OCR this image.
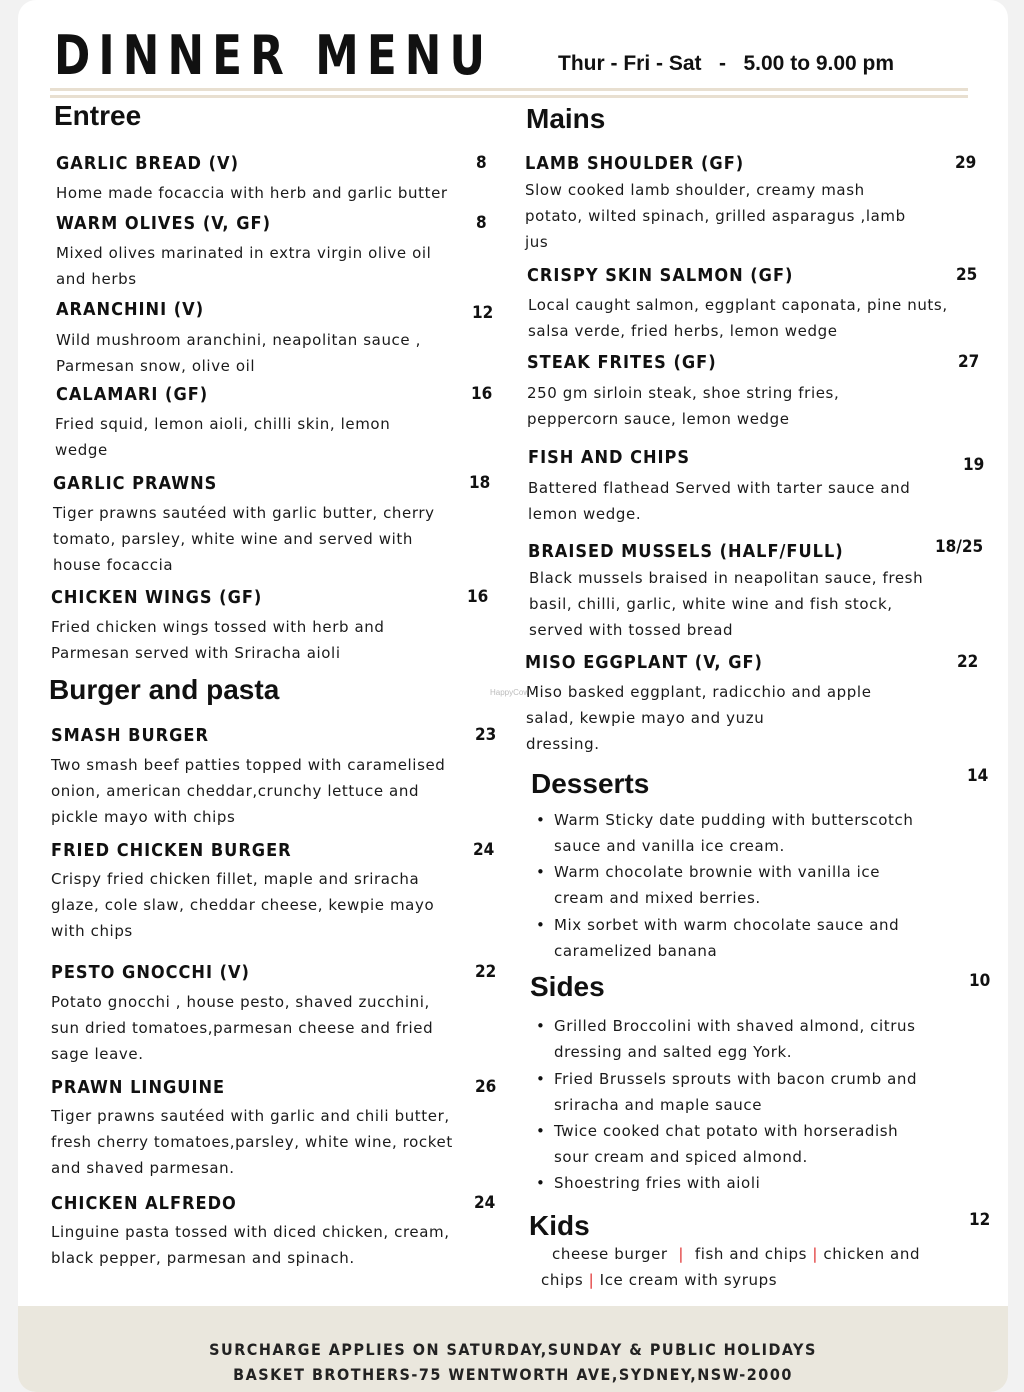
DINNER MENU	Thur - Fri - Sat   -   5.00 to 9.00 pm
Entree
GARLIC BREAD (V)	8
Home made focaccia with herb and garlic butter
WARM OLIVES (V, GF)	8
Mixed olives marinated in extra virgin olive oil
and herbs
ARANCHINI (V)	12
Wild mushroom aranchini, neapolitan sauce ,
Parmesan snow, olive oil
CALAMARI (GF)	16
Fried squid, lemon aioli, chilli skin, lemon
wedge
GARLIC PRAWNS	18
Tiger prawns sautéed with garlic butter, cherry
tomato, parsley, white wine and served with
house focaccia
CHICKEN WINGS (GF)	16
Fried chicken wings tossed with herb and
Parmesan served with Sriracha aioli
Burger and pasta	HappyCow
SMASH BURGER	23
Two smash beef patties topped with caramelised
onion, american cheddar,crunchy lettuce and
pickle mayo with chips
FRIED CHICKEN BURGER	24
Crispy fried chicken fillet, maple and sriracha
glaze, cole slaw, cheddar cheese, kewpie mayo
with chips
PESTO GNOCCHI (V)	22
Potato gnocchi , house pesto, shaved zucchini,
sun dried tomatoes,parmesan cheese and fried
sage leave.
PRAWN LINGUINE	26
Tiger prawns sautéed with garlic and chili butter,
fresh cherry tomatoes,parsley, white wine, rocket
and shaved parmesan.
CHICKEN ALFREDO	24
Linguine pasta tossed with diced chicken, cream,
black pepper, parmesan and spinach.
Mains
LAMB SHOULDER (GF)	29
Slow cooked lamb shoulder, creamy mash
potato, wilted spinach, grilled asparagus ,lamb
jus
CRISPY SKIN SALMON (GF)	25
Local caught salmon, eggplant caponata, pine nuts,
salsa verde, fried herbs, lemon wedge
STEAK FRITES (GF)	27
250 gm sirloin steak, shoe string fries,
peppercorn sauce, lemon wedge
FISH AND CHIPS	19
Battered flathead Served with tarter sauce and
lemon wedge.
BRAISED MUSSELS (HALF/FULL)	18/25
Black mussels braised in neapolitan sauce, fresh
basil, chilli, garlic, white wine and fish stock,
served with tossed bread
MISO EGGPLANT (V, GF)	22
Miso basked eggplant, radicchio and apple
salad, kewpie mayo and yuzu
dressing.
Desserts	14
• Warm Sticky date pudding with butterscotch
sauce and vanilla ice cream.
• Warm chocolate brownie with vanilla ice
cream and mixed berries.
• Mix sorbet with warm chocolate sauce and
caramelized banana
Sides	10
• Grilled Broccolini with shaved almond, citrus
dressing and salted egg York.
• Fried Brussels sprouts with bacon crumb and
sriracha and maple sauce
• Twice cooked chat potato with horseradish
sour cream and spiced almond.
• Shoestring fries with aioli
Kids	12
cheese burger | fish and chips | chicken and
chips | Ice cream with syrups
SURCHARGE APPLIES ON SATURDAY,SUNDAY & PUBLIC HOLIDAYS
BASKET BROTHERS-75 WENTWORTH AVE,SYDNEY,NSW-2000
